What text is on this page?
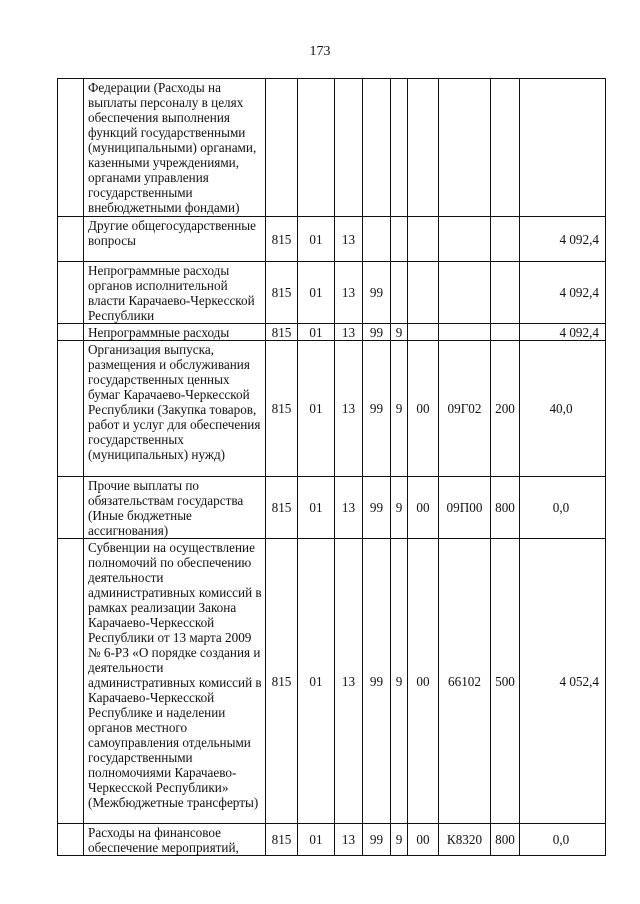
173
	Федерации (Расходы на выплаты персоналу в целях обеспечения выполнения функций государственными (муниципальными) органами, казенными учреждениями, органами управления государственными внебюджетными фондами)									
	Другие общегосударственные вопросы	815	01	13						4 092,4
	Непрограммные расходы органов исполнительной власти Карачаево-Черкесской Республики	815	01	13	99					4 092,4
	Непрограммные расходы	815	01	13	99	9				4 092,4
	Организация выпуска, размещения и обслуживания государственных ценных бумаг Карачаево-Черкесской Республики (Закупка товаров, работ и услуг для обеспечения государственных (муниципальных) нужд)	815	01	13	99	9	00	09Г02	200	40,0
	Прочие выплаты по обязательствам государства (Иные бюджетные ассигнования)	815	01	13	99	9	00	09П00	800	0,0
	Субвенции на осуществление полномочий по обеспечению деятельности административных комиссий в рамках реализации Закона Карачаево-Черкесской Республики от 13 марта 2009 № 6-РЗ «О порядке создания и деятельности административных комиссий в Карачаево-Черкесской Республике и наделении органов местного самоуправления отдельными государственными полномочиями Карачаево-Черкесской Республики» (Межбюджетные трансферты)	815	01	13	99	9	00	66102	500	4 052,4
	Расходы на финансовое обеспечение мероприятий,	815	01	13	99	9	00	К8320	800	0,0
